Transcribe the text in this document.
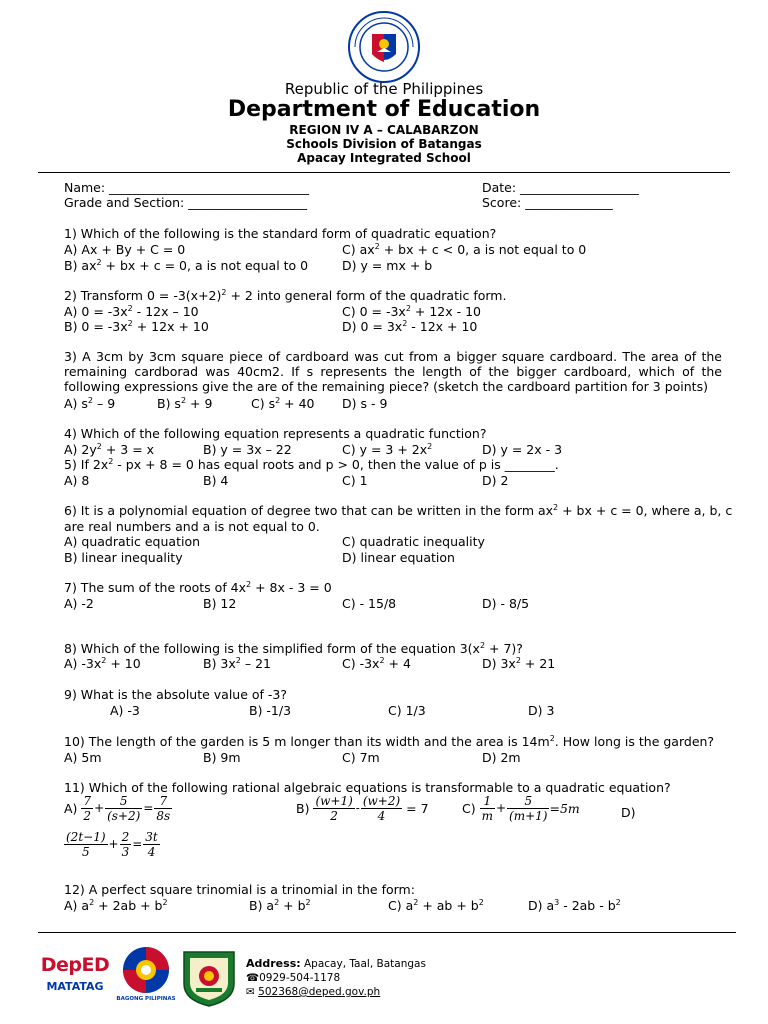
Republic of the Philippines
Department of Education
REGION IV A – CALABARZON
Schools Division of Batangas
Apacay Integrated School
Name: ________________________________	Date: ___________________
Grade and Section: ___________________	Score: ______________
1) Which of the following is the standard form of quadratic equation?
A) Ax + By + C = 0	C) $ax^2$ + bx + c < 0, a is not equal to 0
B) $ax^2$ + bx + c = 0, a is not equal to 0	D) y = mx + b
2) Transform $0 = -3(x+2)^2 + 2$ into general form of the quadratic form.
A) $0 = -3x^2 - 12x - 10$	C) $0 = -3x^2 + 12x - 10$
B) $0 = -3x^2 + 12x + 10$	D) $0 = 3x^2 - 12x + 10$
3) A 3cm by 3cm square piece of cardboard was cut from a bigger square cardboard. The area of the remaining cardborad was 40cm2. If s represents the length of the bigger cardboard, which of the following expressions give the are of the remaining piece? (sketch the cardboard partition for 3 points)
A) $s^2 - 9$	B) $s^2 + 9$	C) $s^2 + 40$ D) s - 9
4) Which of the following equation represents a quadratic function?
A) $2y^2 + 3 = x$	B) y = 3x – 22	C) $y = 3 + 2x^2$	D) y = 2x - 3
5) If $2x^2$ - px + 8 = 0 has equal roots and p > 0, then the value of p is ________.
A) 8	B) 4	C) 1	D) 2
6) It is a polynomial equation of degree two that can be written in the form $ax^2$ + bx + c = 0, where a, b, c
are real numbers and a is not equal to 0.
A) quadratic equation	C) quadratic inequality
B) linear inequality	D) linear equation
7) The sum of the roots of $4x^2 + 8x - 3 = 0$
A) -2	B) 12	C) - 15/8	D) - 8/5
8) Which of the following is the simplified form of the equation $3(x^2 + 7)$?
A) $-3x^2 + 10$	B) $3x^2 - 21$	C) $-3x^2 + 4$	D) $3x^2 + 21$
9) What is the absolute value of -3?
A) -3	B) -1/3	C) 1/3	D) 3
10) The length of the garden is 5 m longer than its width and the area is $14m^2$. How long is the garden?
A) 5m	B) 9m	C) 7m	D) 2m
11) Which of the following rational algebraic equations is transformable to a quadratic equation?
$A) \frac{7}{2} + \frac{5}{(s+2)} = \frac{7}{8s}$	$B) \frac{(w+1)}{2} - \frac{(w+2)}{4} = 7$	$C) \frac{1}{m} + \frac{5}{(m+1)} =5m$	D)
$\frac{(2t-1)}{5} + \frac{2}{3} = \frac{3t}{4}$
12) A perfect square trinomial is a trinomial in the form:
A) $a^2 + 2ab + b^2$	B) $a^2 + b^2$	C) $a^2$ + ab + $b^2$	D) $a^3 - 2ab - b^2$
DepED
MATATAG
BAGONG PILIPINAS
Address: Apacay, Taal, Batangas
☎0929-504-1178
✉ 502368@deped.gov.ph
